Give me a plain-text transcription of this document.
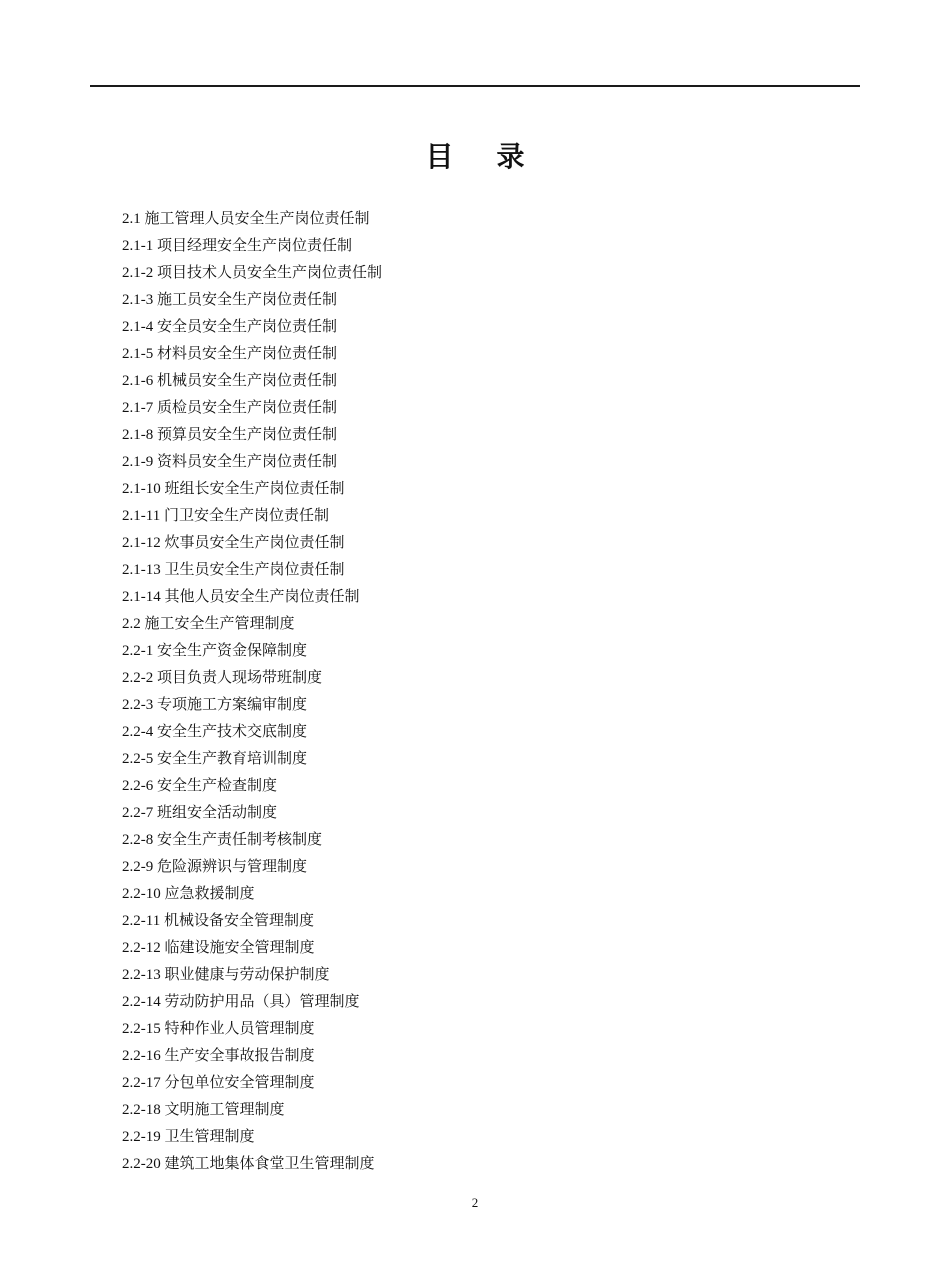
目 录
2.1 施工管理人员安全生产岗位责任制
2.1-1 项目经理安全生产岗位责任制
2.1-2 项目技术人员安全生产岗位责任制
2.1-3 施工员安全生产岗位责任制
2.1-4 安全员安全生产岗位责任制
2.1-5 材料员安全生产岗位责任制
2.1-6 机械员安全生产岗位责任制
2.1-7 质检员安全生产岗位责任制
2.1-8 预算员安全生产岗位责任制
2.1-9 资料员安全生产岗位责任制
2.1-10 班组长安全生产岗位责任制
2.1-11 门卫安全生产岗位责任制
2.1-12 炊事员安全生产岗位责任制
2.1-13 卫生员安全生产岗位责任制
2.1-14 其他人员安全生产岗位责任制
2.2 施工安全生产管理制度
2.2-1 安全生产资金保障制度
2.2-2 项目负责人现场带班制度
2.2-3 专项施工方案编审制度
2.2-4 安全生产技术交底制度
2.2-5 安全生产教育培训制度
2.2-6 安全生产检查制度
2.2-7 班组安全活动制度
2.2-8 安全生产责任制考核制度
2.2-9 危险源辨识与管理制度
2.2-10 应急救援制度
2.2-11 机械设备安全管理制度
2.2-12 临建设施安全管理制度
2.2-13 职业健康与劳动保护制度
2.2-14 劳动防护用品（具）管理制度
2.2-15 特种作业人员管理制度
2.2-16 生产安全事故报告制度
2.2-17 分包单位安全管理制度
2.2-18 文明施工管理制度
2.2-19 卫生管理制度
2.2-20 建筑工地集体食堂卫生管理制度
2
